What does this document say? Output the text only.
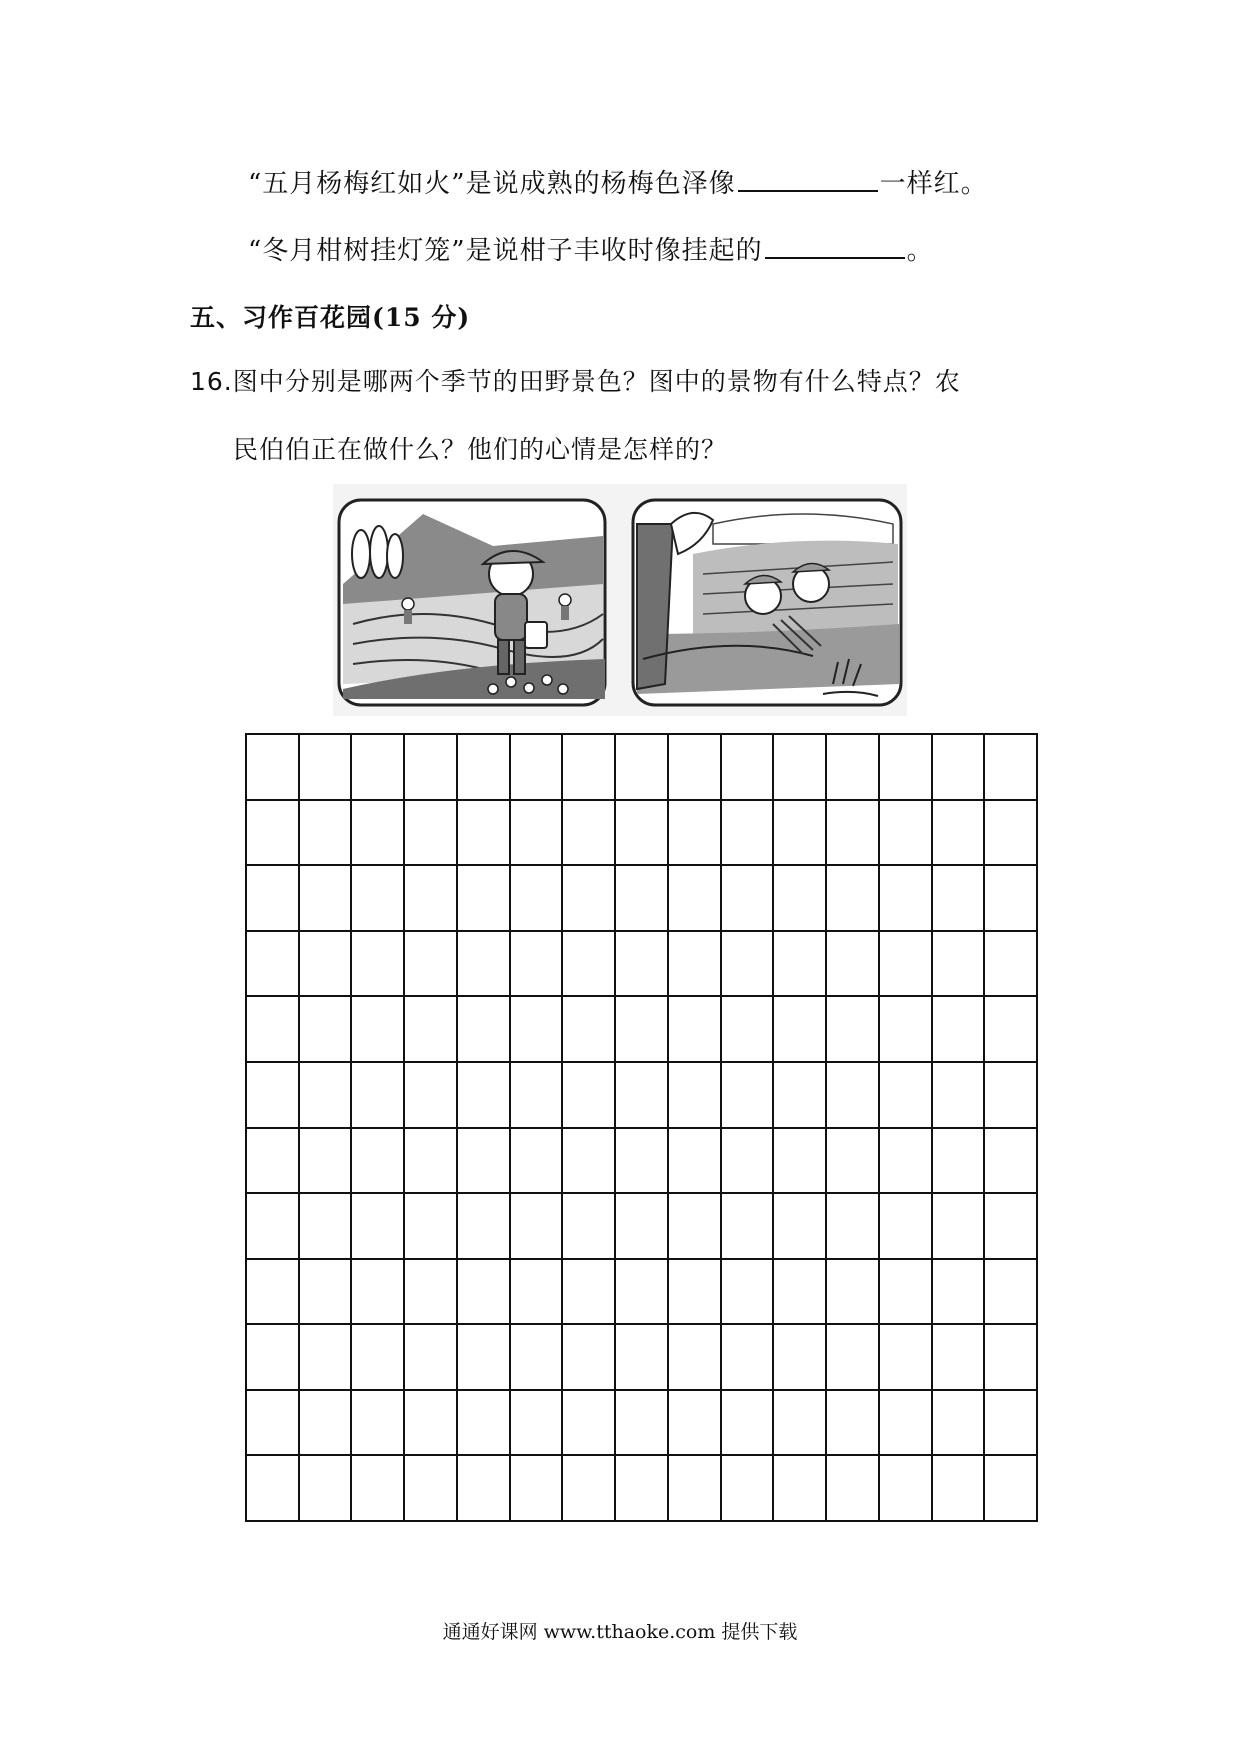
“五月杨梅红如火”是说成熟的杨梅色泽像	一样红。
“冬月柑树挂灯笼”是说柑子丰收时像挂起的	。
五、习作百花园(15 分)
16.图中分别是哪两个季节的田野景色？图中的景物有什么特点？农
民伯伯正在做什么？他们的心情是怎样的？
通通好课网 www.tthaoke.com 提供下载
